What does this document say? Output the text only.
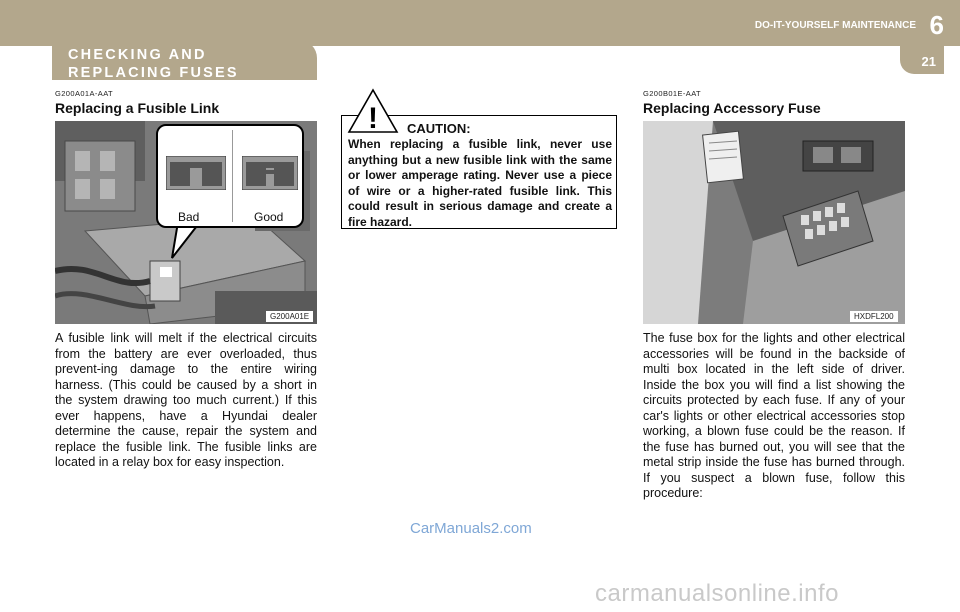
CHECKING AND REPLACING FUSES
DO-IT-YOURSELF MAINTENANCE 6
21
G200A01A-AAT
Replacing a Fusible Link
Bad	Good
G200A01E
A fusible link will melt if the electrical circuits from the battery are ever overloaded, thus prevent-ing damage to the entire wiring harness. (This could be caused by a short in the system drawing too much current.) If this ever happens, have a Hyundai dealer determine the cause, repair the system and replace the fusible link. The fusible links are located in a relay box for easy inspection.
! CAUTION:
When replacing a fusible link, never use anything but a new fusible link with the same or lower amperage rating. Never use a piece of wire or a higher-rated fusible link. This could result in serious damage and create a fire hazard.
G200B01E-AAT
Replacing Accessory Fuse
HXDFL200
The fuse box for the lights and other electrical accessories will be found in the backside of multi box located in the left side of driver. Inside the box you will find a list showing the circuits protected by each fuse. If any of your car's lights or other electrical accessories stop working, a blown fuse could be the reason. If the fuse has burned out, you will see that the metal strip inside the fuse has burned through. If you suspect a blown fuse, follow this procedure:
CarManuals2.com
carmanualsonline.info
